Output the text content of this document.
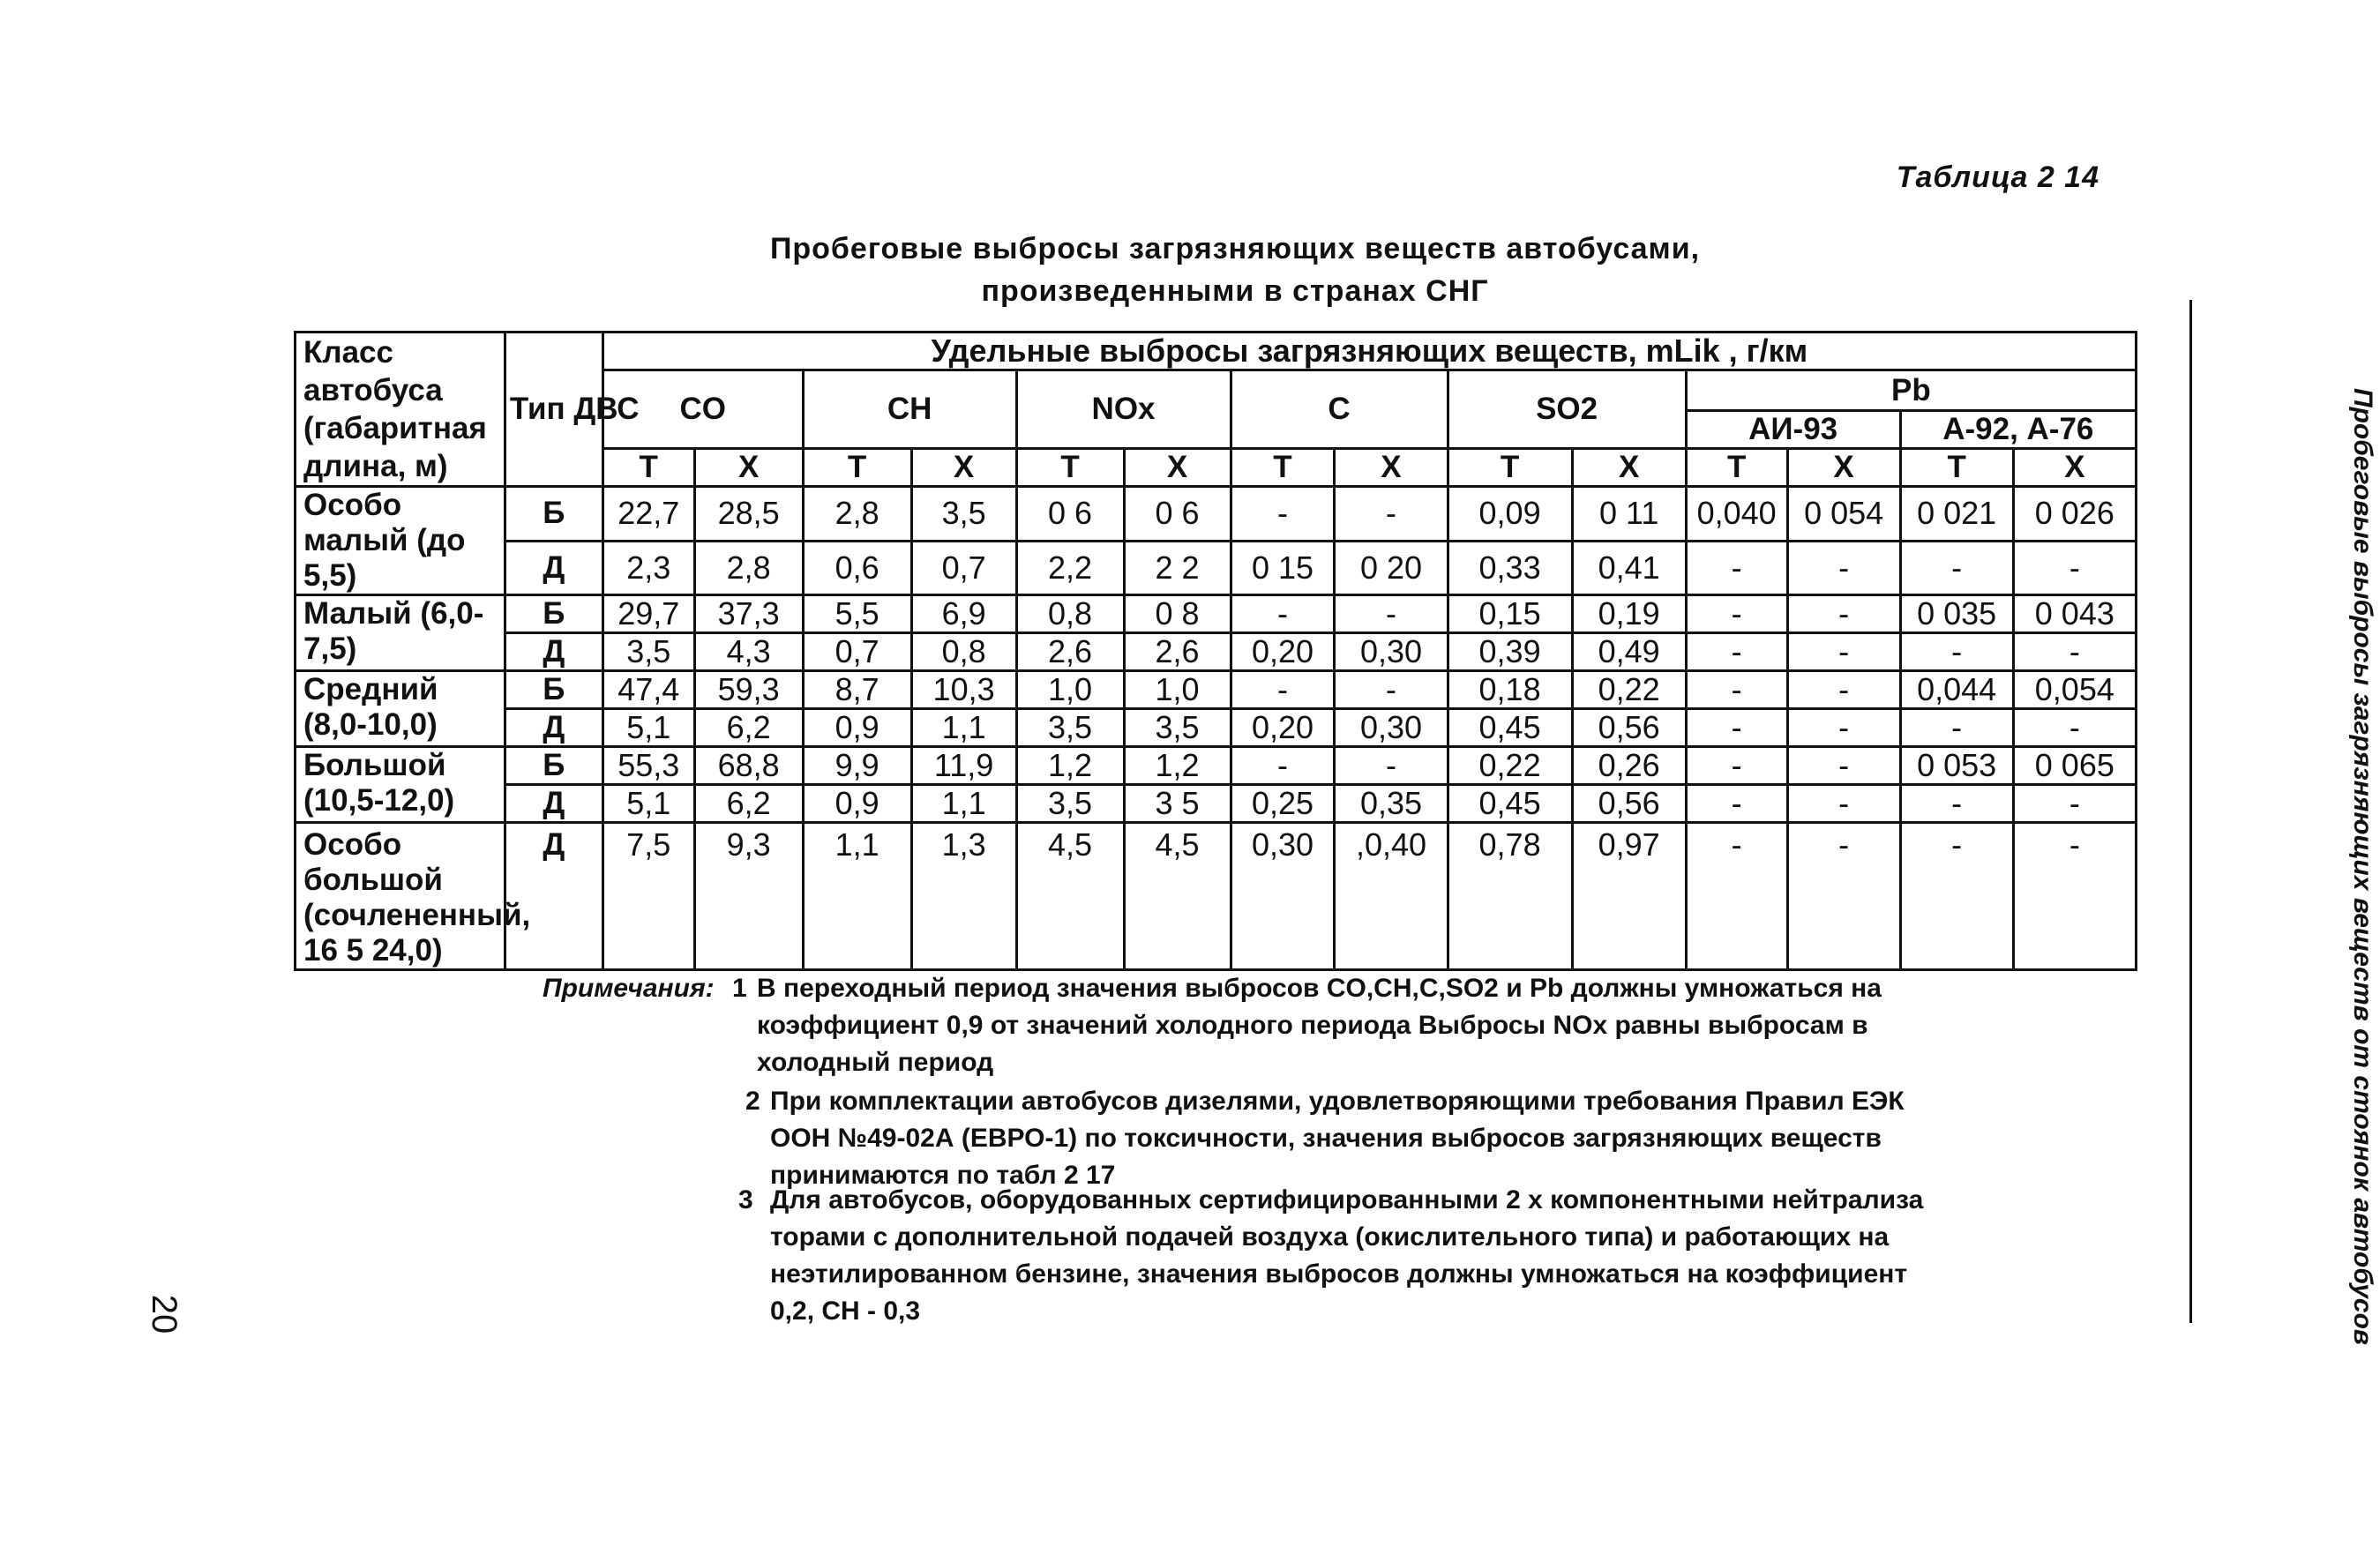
Таблица 2 14
Пробеговые выбросы загрязняющих веществ автобусами,
произведенными в странах СНГ
Класс автобуса (габаритная длина, м)	Тип ДВС	Удельные выбросы загрязняющих веществ, mLik , г/км													
		CO		CH		NOx		C		SO2		Pb			
												АИ-93		А-92, А-76	
		Т	Х	Т	Х	Т	Х	Т	Х	Т	Х	Т	Х	Т	Х
Особо малый (до 5,5)	Б	22,7	28,5	2,8	3,5	0 6	0 6	-	-	0,09	0 11	0,040	0 054	0 021	0 026
	Д	2,3	2,8	0,6	0,7	2,2	2 2	0 15	0 20	0,33	0,41	-	-	-	-
Малый (6,0-7,5)	Б	29,7	37,3	5,5	6,9	0,8	0 8	-	-	0,15	0,19	-	-	0 035	0 043
	Д	3,5	4,3	0,7	0,8	2,6	2,6	0,20	0,30	0,39	0,49	-	-	-	-
Средний (8,0-10,0)	Б	47,4	59,3	8,7	10,3	1,0	1,0	-	-	0,18	0,22	-	-	0,044	0,054
	Д	5,1	6,2	0,9	1,1	3,5	3,5	0,20	0,30	0,45	0,56	-	-	-	-
Большой (10,5-12,0)	Б	55,3	68,8	9,9	11,9	1,2	1,2	-	-	0,22	0,26	-	-	0 053	0 065
	Д	5,1	6,2	0,9	1,1	3,5	3 5	0,25	0,35	0,45	0,56	-	-	-	-
Особо большой (сочлененный, 16 5 24,0)	Д	7,5	9,3	1,1	1,3	4,5	4,5	0,30	,0,40	0,78	0,97	-	-	-	-
Примечания: 1 В переходный период значения выбросов CO,CH,C,SO2 и Pb должны умножаться на
коэффициент 0,9 от значений холодного периода Выбросы NOx равны выбросам в
холодный период
2 При комплектации автобусов дизелями, удовлетворяющими требования Правил ЕЭК
ООН №49-02А (ЕВРО-1) по токсичности, значения выбросов загрязняющих веществ
принимаются по табл 2 17
3 Для автобусов, оборудованных сертифицированными 2 х компонентными нейтрализа
торами с дополнительной подачей воздуха (окислительного типа) и работающих на
неэтилированном бензине, значения выбросов должны умножаться на коэффициент
0,2, CH - 0,3
20	Пробеговые выбросы загрязняющих веществ от стоянок автобусов
